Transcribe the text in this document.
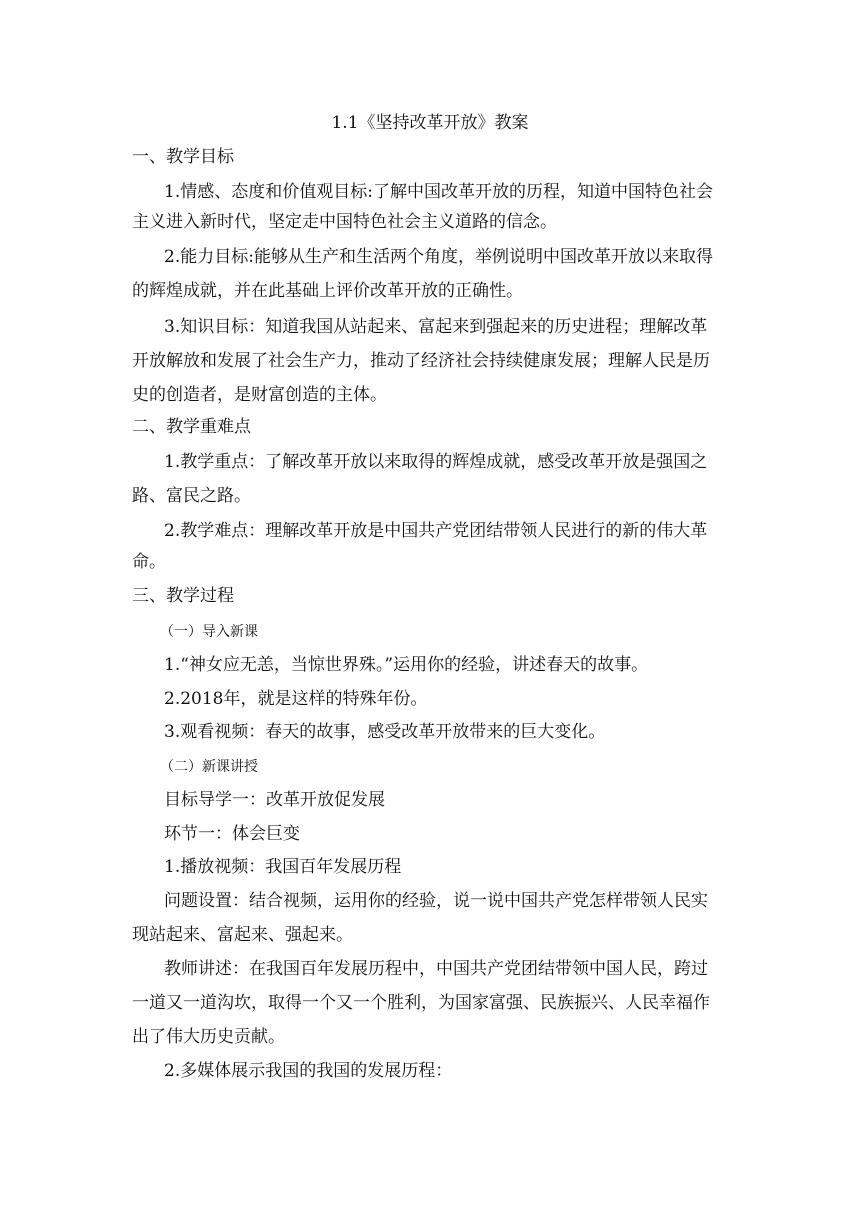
1.1《坚持改革开放》教案
一、教学目标
1.情感、态度和价值观目标:了解中国改革开放的历程，知道中国特色社会
主义进入新时代，坚定走中国特色社会主义道路的信念。
2.能力目标:能够从生产和生活两个角度，举例说明中国改革开放以来取得
的辉煌成就，并在此基础上评价改革开放的正确性。
3.知识目标：知道我国从站起来、富起来到强起来的历史进程；理解改革
开放解放和发展了社会生产力，推动了经济社会持续健康发展；理解人民是历
史的创造者，是财富创造的主体。
二、教学重难点
1.教学重点：了解改革开放以来取得的辉煌成就，感受改革开放是强国之
路、富民之路。
2.教学难点：理解改革开放是中国共产党团结带领人民进行的新的伟大革
命。
三、教学过程
（一）导入新课
1.“神女应无恙，当惊世界殊。”运用你的经验，讲述春天的故事。
2.2018年，就是这样的特殊年份。
3.观看视频：春天的故事，感受改革开放带来的巨大变化。
（二）新课讲授
目标导学一：改革开放促发展
环节一：体会巨变
1.播放视频：我国百年发展历程
问题设置：结合视频，运用你的经验，说一说中国共产党怎样带领人民实
现站起来、富起来、强起来。
教师讲述：在我国百年发展历程中，中国共产党团结带领中国人民，跨过
一道又一道沟坎，取得一个又一个胜利，为国家富强、民族振兴、人民幸福作
出了伟大历史贡献。
2.多媒体展示我国的我国的发展历程：
